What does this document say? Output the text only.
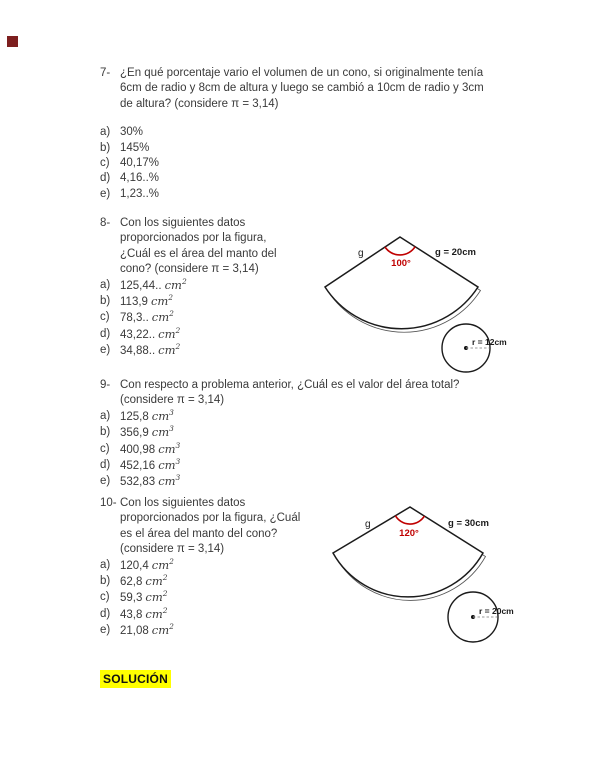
7- ¿En qué porcentaje vario el volumen de un cono, si originalmente tenía
6cm de radio y 8cm de altura y luego se cambió a 10cm de radio y 3cm
de altura? (considere π = 3,14)
a) 30%
b) 145%
c) 40,17%
d) 4,16..%
e) 1,23..%
8- Con los siguientes datos
proporcionados por la figura,
¿Cuál es el área del manto del
cono? (considere π = 3,14)
a) 125,44.. $cm^2$
b) 113,9 $cm^2$
c) 78,3.. $cm^2$
d) 43,22.. $cm^2$
e) 34,88.. $cm^2$
g	g = 20cm
100°
r = 12cm
9- Con respecto a problema anterior, ¿Cuál es el valor del área total?
(considere π = 3,14)
a) 125,8 $cm^3$
b) 356,9 $cm^3$
c) 400,98 $cm^3$
d) 452,16 $cm^3$
e) 532,83 $cm^3$
10- Con los siguientes datos
proporcionados por la figura, ¿Cuál
es el área del manto del cono?
(considere π = 3,14)
a) 120,4 $cm^2$
b) 62,8 $cm^2$
c) 59,3 $cm^2$
d) 43,8 $cm^2$
e) 21,08 $cm^2$
g	g = 30cm
120°
r = 20cm
SOLUCIÓN
